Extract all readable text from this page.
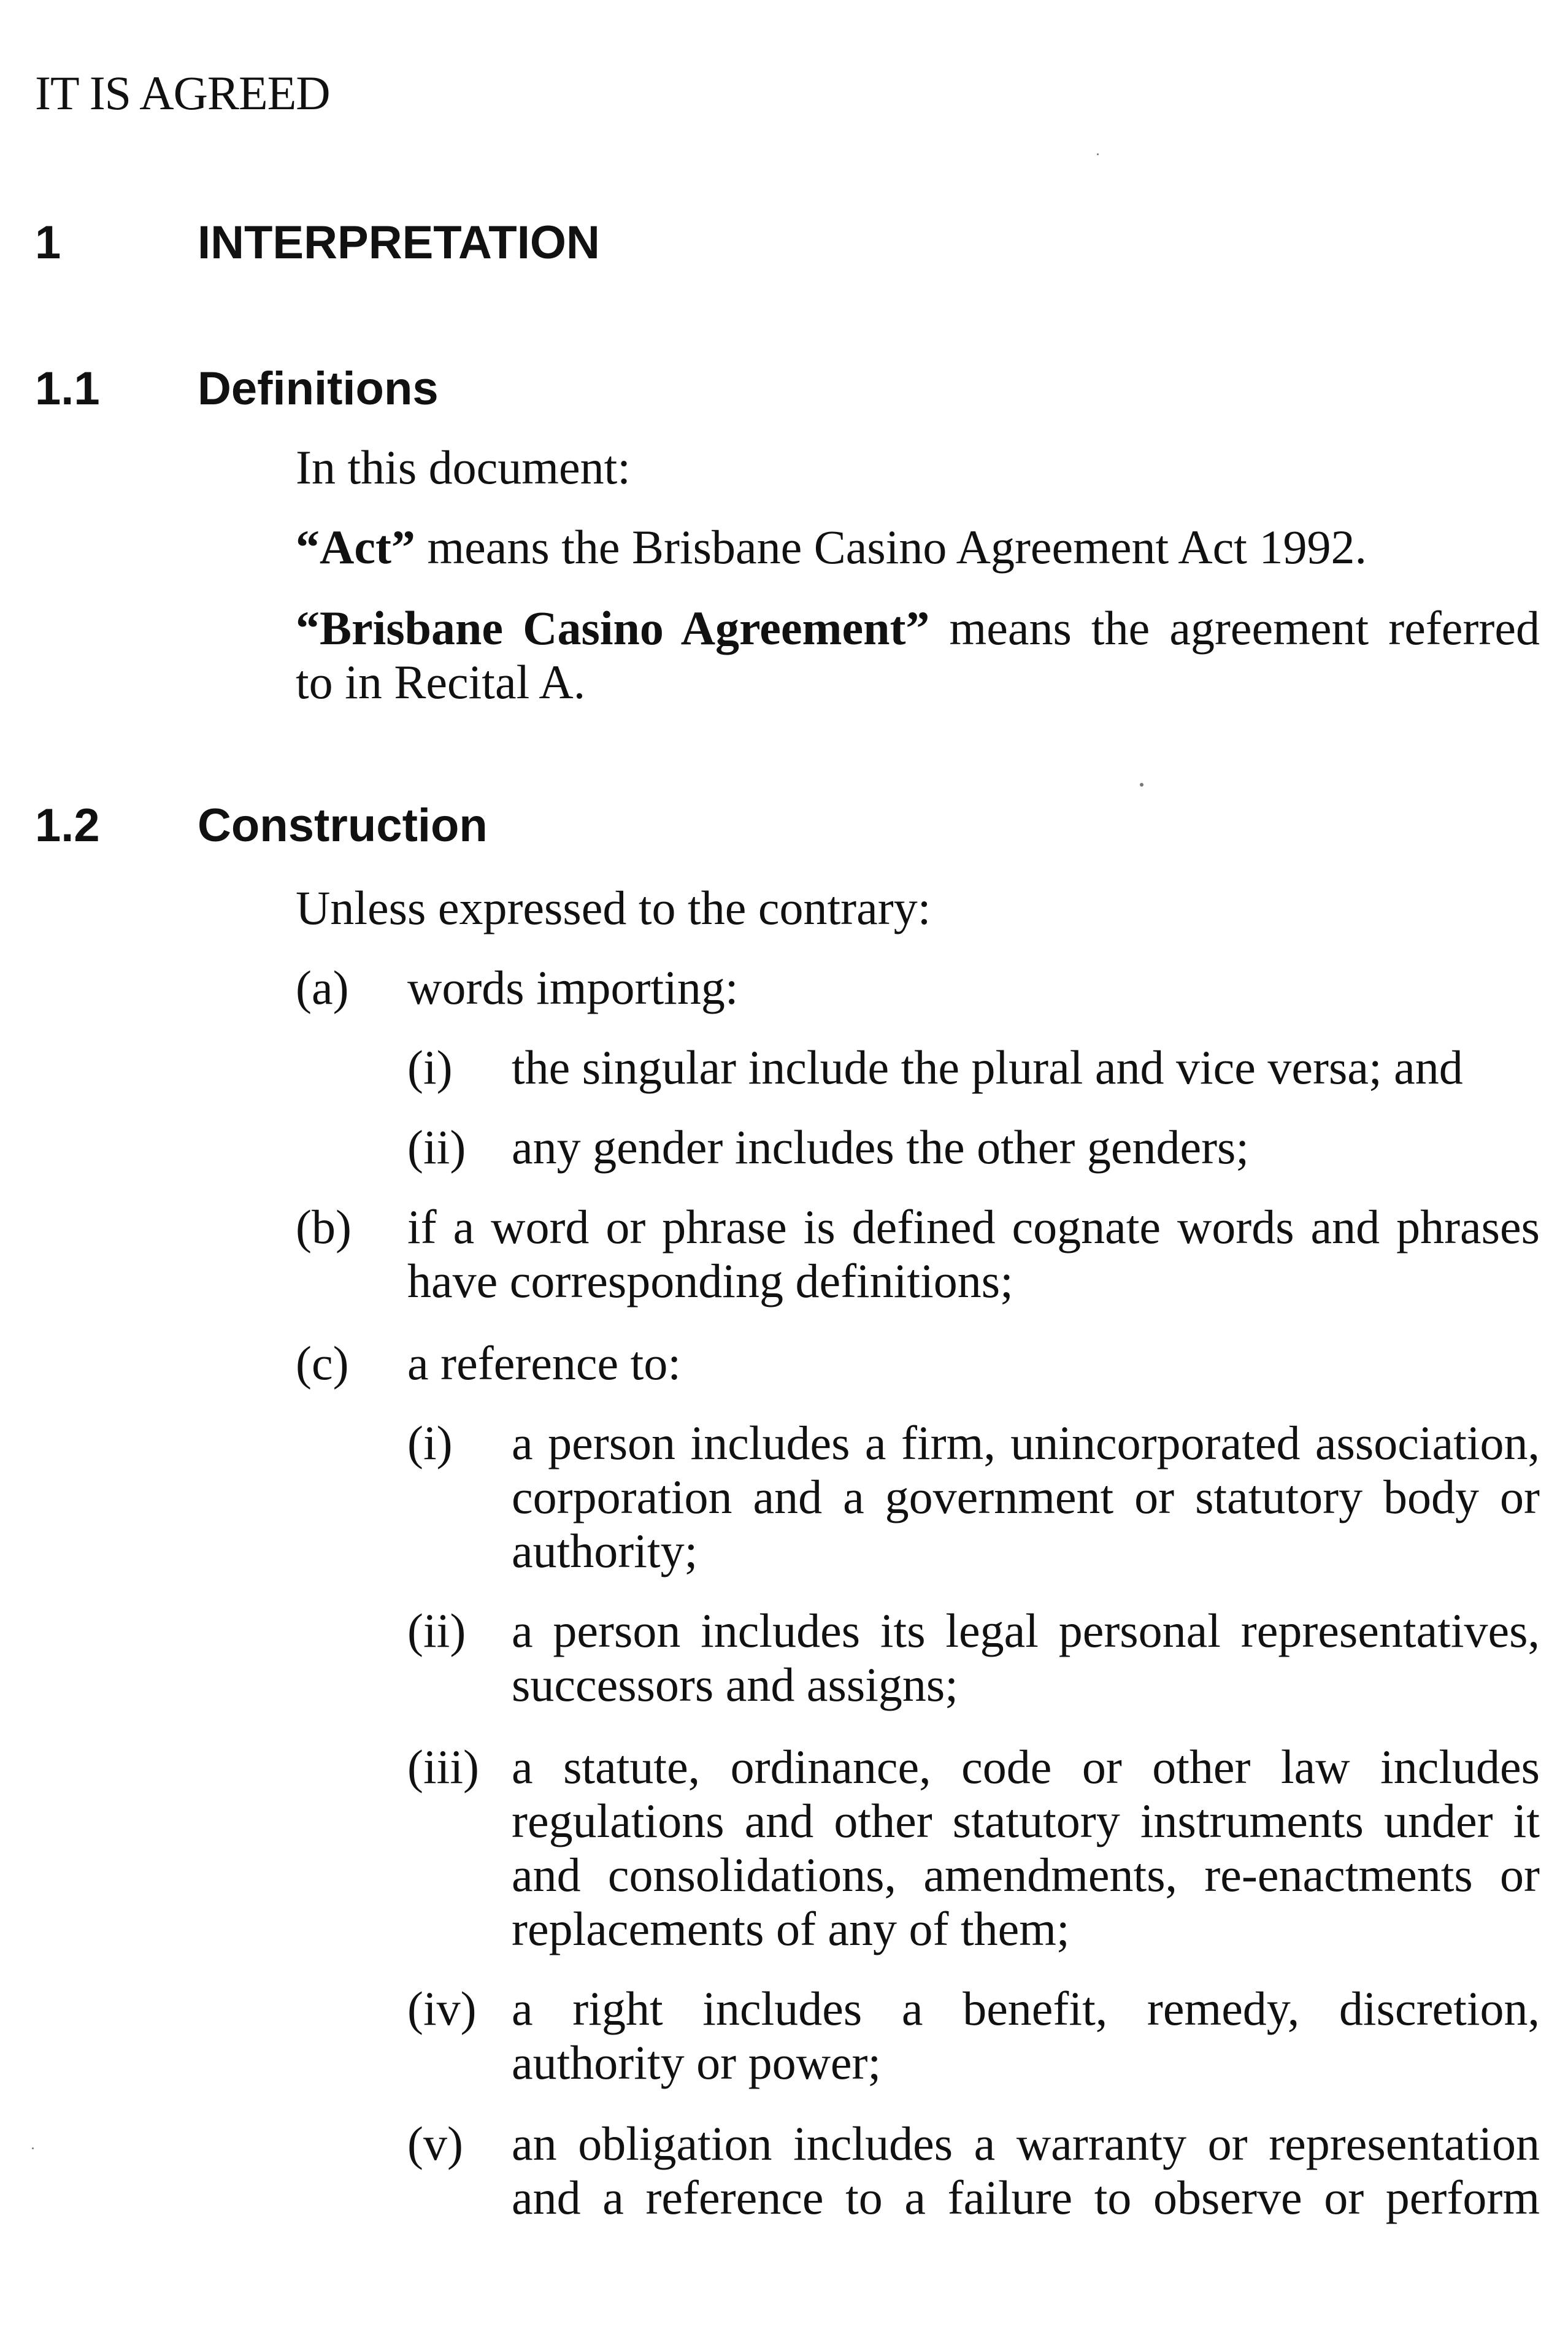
IT IS AGREED
1	INTERPRETATION
1.1 Definitions
In this document:
“Act” means the Brisbane Casino Agreement Act 1992.
“Brisbane Casino Agreement” means the agreement referred to in Recital A.
1.2 Construction
Unless expressed to the contrary:
(a) words importing:
(i) the singular include the plural and vice versa; and
(ii) any gender includes the other genders;
(b) if a word or phrase is defined cognate words and phrases have corresponding definitions;
(c) a reference to:
(i) a person includes a firm, unincorporated association, corporation and a government or statutory body or authority;
(ii) a person includes its legal personal representatives, successors and assigns;
(iii) a statute, ordinance, code or other law includes regulations and other statutory instruments under it and consolidations, amendments, re-enactments or replacements of any of them;
(iv) a right includes a benefit, remedy, discretion, authority or power;
(v) an obligation includes a warranty or representation and a reference to a failure to observe or perform
